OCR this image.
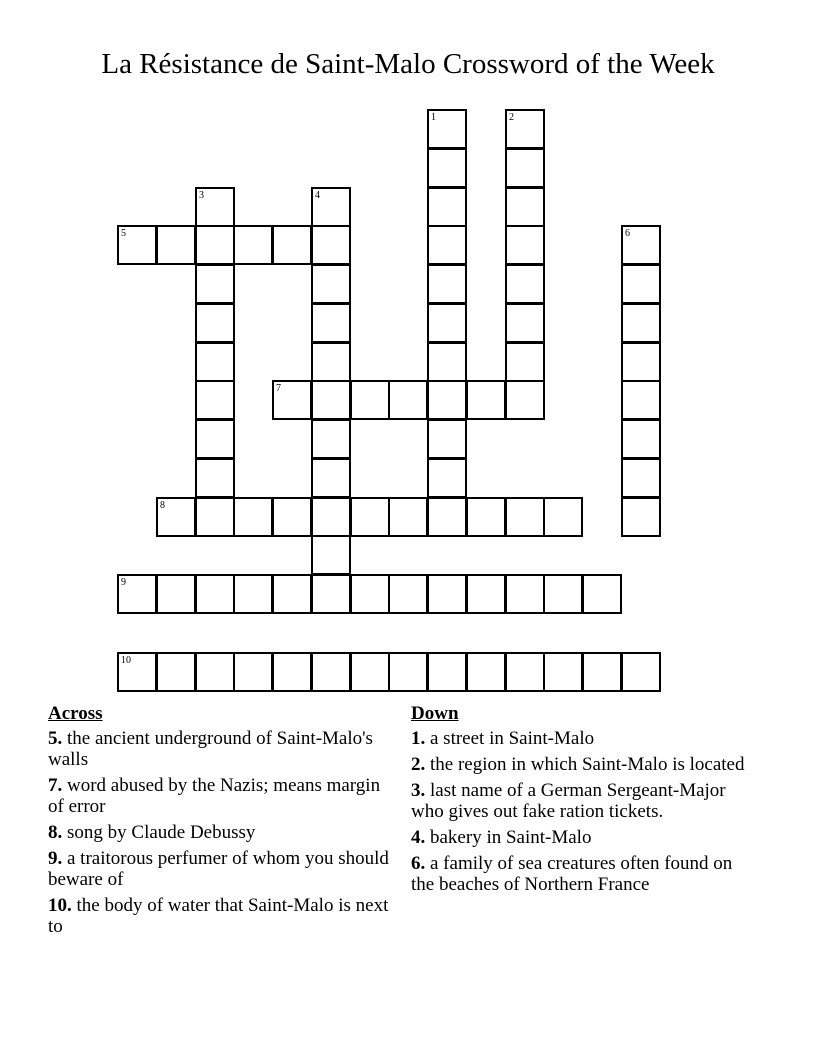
La Résistance de Saint-Malo Crossword of the Week
1	2
3	4
5	6
7
8
9
10
Across
5. the ancient underground of Saint-Malo's walls
7. word abused by the Nazis; means margin of error
8. song by Claude Debussy
9. a traitorous perfumer of whom you should beware of
10. the body of water that Saint-Malo is next to
Down
1. a street in Saint-Malo
2. the region in which Saint-Malo is located
3. last name of a German Sergeant-Major who gives out fake ration tickets.
4. bakery in Saint-Malo
6. a family of sea creatures often found on the beaches of Northern France
